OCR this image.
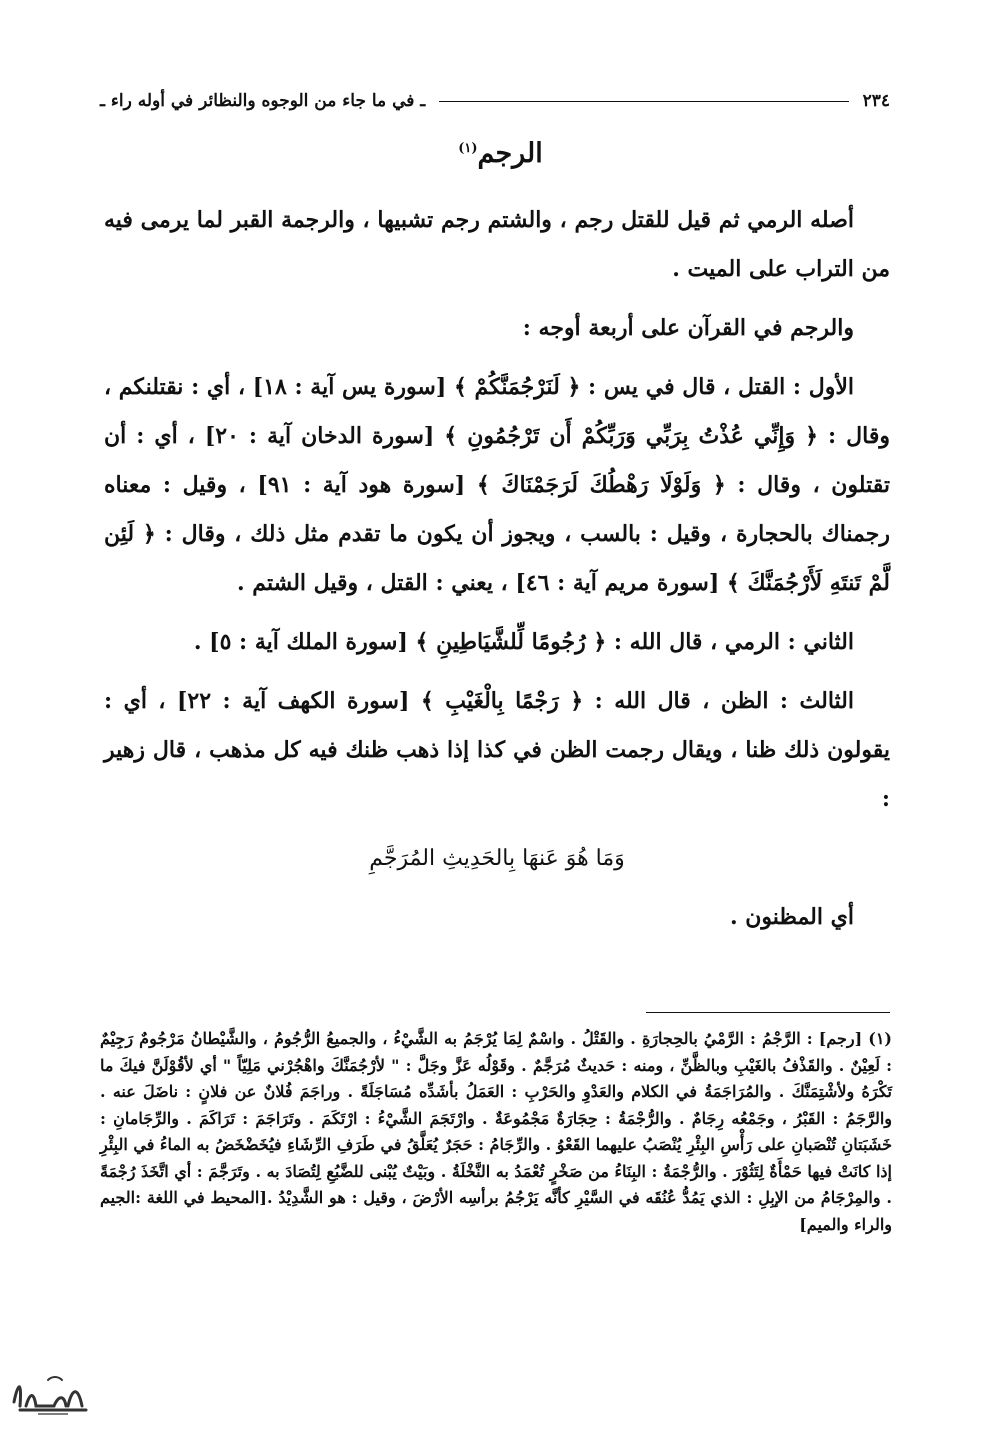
٢٣٤
ـ في ما جاء من الوجوه والنظائر في أوله راء ـ
الرجم$^{(١)}$

أصله الرمي ثم قيل للقتل رجم ، والشتم رجم تشبيها ، والرجمة القبر لما يرمى فيه من التراب على الميت .

والرجم في القرآن على أربعة أوجه :

الأول : القتل ، قال في يس : ﴿ لَنَرْجُمَنَّكُمْ ﴾ [سورة يس آية : ١٨] ، أي : نقتلنكم ، وقال : ﴿ وَإِنِّي عُذْتُ بِرَبِّي وَرَبِّكُمْ أَن تَرْجُمُونِ ﴾ [سورة الدخان آية : ٢٠] ، أي : أن تقتلون ، وقال : ﴿ وَلَوْلَا رَهْطُكَ لَرَجَمْنَاكَ ﴾ [سورة هود آية : ٩١] ، وقيل : معناه رجمناك بالحجارة ، وقيل : بالسب ، ويجوز أن يكون ما تقدم مثل ذلك ، وقال : ﴿ لَئِن لَّمْ تَنتَهِ لَأَرْجُمَنَّكَ ﴾ [سورة مريم آية : ٤٦] ، يعني : القتل ، وقيل الشتم .

الثاني : الرمي ، قال الله : ﴿ رُجُومًا لِّلشَّيَاطِينِ ﴾ [سورة الملك آية : ٥] .

الثالث : الظن ، قال الله : ﴿ رَجْمًا بِالْغَيْبِ ﴾ [سورة الكهف آية : ٢٢] ، أي : يقولون ذلك ظنا ، ويقال رجمت الظن في كذا إذا ذهب ظنك فيه كل مذهب ، قال زهير :

وَمَا هُوَ عَنهَا بِالحَدِيثِ المُرَجَّمِ

أي المظنون .

(١) [رجم] : الرَّجْمُ : الرَّمْيُ بالحِجارَةِ . والقَتْلُ . واسْمٌ لِمَا يُرْجَمُ به الشَّيْءُ ، والجميعُ الرُّجُومُ ، والشَّيْطانُ مَرْجُومٌ رَجِيْمٌ : لَعِيْنٌ . والقَذْفُ بالغَيْبِ وبالظَّنِّ ، ومنه : حَديثٌ مُرَجَّمٌ . وقَوْلُه عَزَّ وجَلَّ : " لأرْجُمَنَّكَ واهْجُرْني مَلِيّاً " أي لأقُوْلَنَّ فيكَ ما تَكْرَهُ ولأشْتِمَنَّكَ . والمُرَاجَمَةُ في الكلام والعَدْوِ والحَرْبِ : العَمَلُ بأشَدِّه مُسَاجَلَةً . وراجَمَ فُلانٌ عن فلانٍ : ناضَلَ عنه . والرَّجَمُ : القَبْرُ ، وجَمْعُه رِجَامٌ . والرُّجْمَةُ : حِجَارَةٌ مَجْمُوعَةٌ . وارْتَجَمَ الشَّيْءُ : ارْتَكَمَ . وتَرَاجَمَ : تَرَاكَمَ . والرِّجَامانِ : خَشَبَتانِ تُنْصَبانِ على رَأْسِ البِئْرِ يُنْصَبُ عليهما القَعْوُ . والرِّجَامُ : حَجَرٌ يُعَلَّقُ في طَرَفِ الرِّشَاءِ فيُخَضْخَضُ به الماءُ في البِئْرِ إذا كانَتْ فيها حَمْأَةٌ لِتَثُوْرَ . والرُّجْمَةُ : البِنَاءُ من صَخْرٍ تُعْمَدُ به النَّخْلَةُ . وبَيْتٌ يُبْنى للضَّبُعِ لِتُصَادَ به . وتَرَجَّمَ : أي اتَّخَذَ رُجْمَةً . والمِرْجَامُ من الإبِلِ : الذي يَمُدُّ عُنُقَه في السَّيْرِ كأنَّه يَرْجُمُ برأسِه الأرْضَ ، وقيل : هو الشَّدِيْدُ .[المحيط في اللغة :الجيم والراء والميم]
